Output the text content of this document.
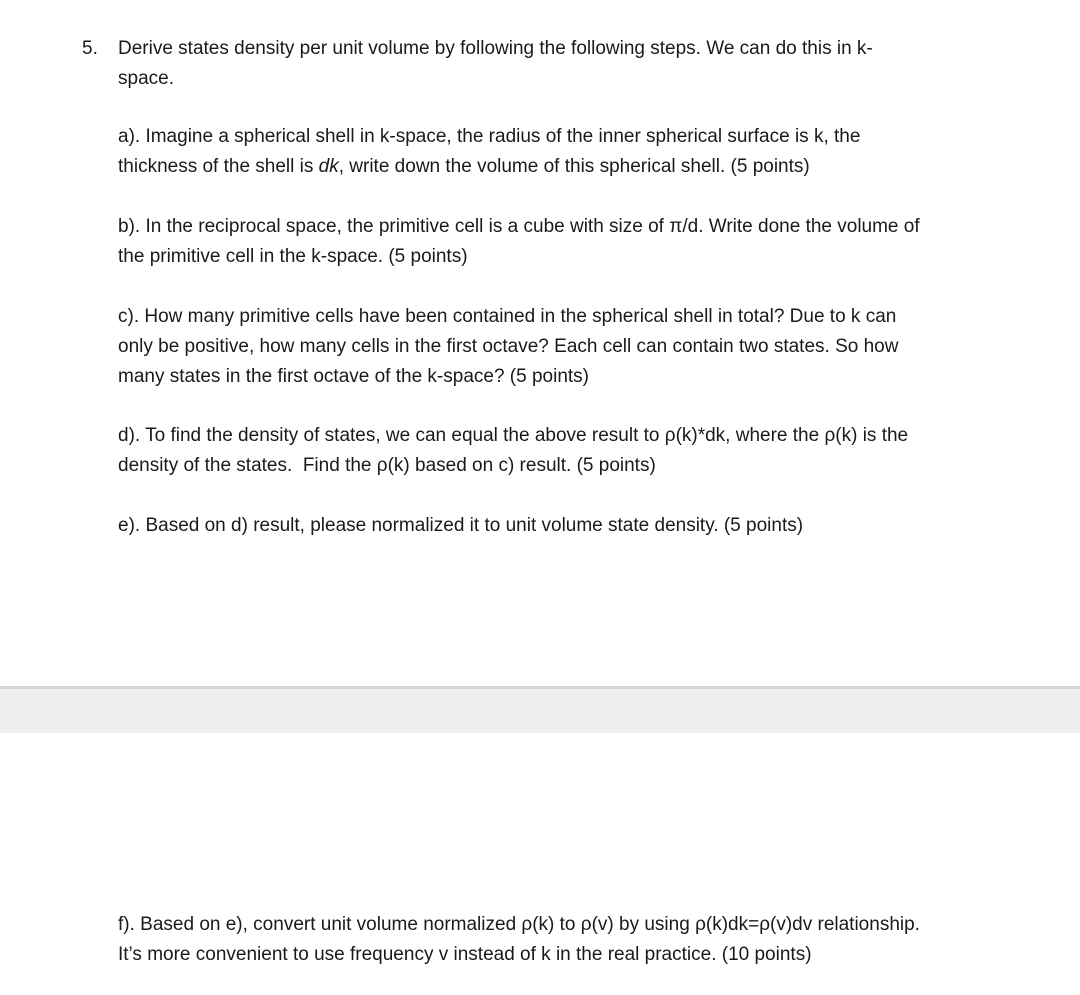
5. Derive states density per unit volume by following the following steps. We can do this in k-
space.
a). Imagine a spherical shell in k-space, the radius of the inner spherical surface is k, the
thickness of the shell is dk, write down the volume of this spherical shell. (5 points)
b). In the reciprocal space, the primitive cell is a cube with size of π/d. Write done the volume of
the primitive cell in the k-space. (5 points)
c). How many primitive cells have been contained in the spherical shell in total? Due to k can
only be positive, how many cells in the first octave? Each cell can contain two states. So how
many states in the first octave of the k-space? (5 points)
d). To find the density of states, we can equal the above result to ρ(k)*dk, where the ρ(k) is the
density of the states.  Find the ρ(k) based on c) result. (5 points)
e). Based on d) result, please normalized it to unit volume state density. (5 points)
f). Based on e), convert unit volume normalized ρ(k) to ρ(v) by using ρ(k)dk=ρ(v)dv relationship.
It’s more convenient to use frequency v instead of k in the real practice. (10 points)
